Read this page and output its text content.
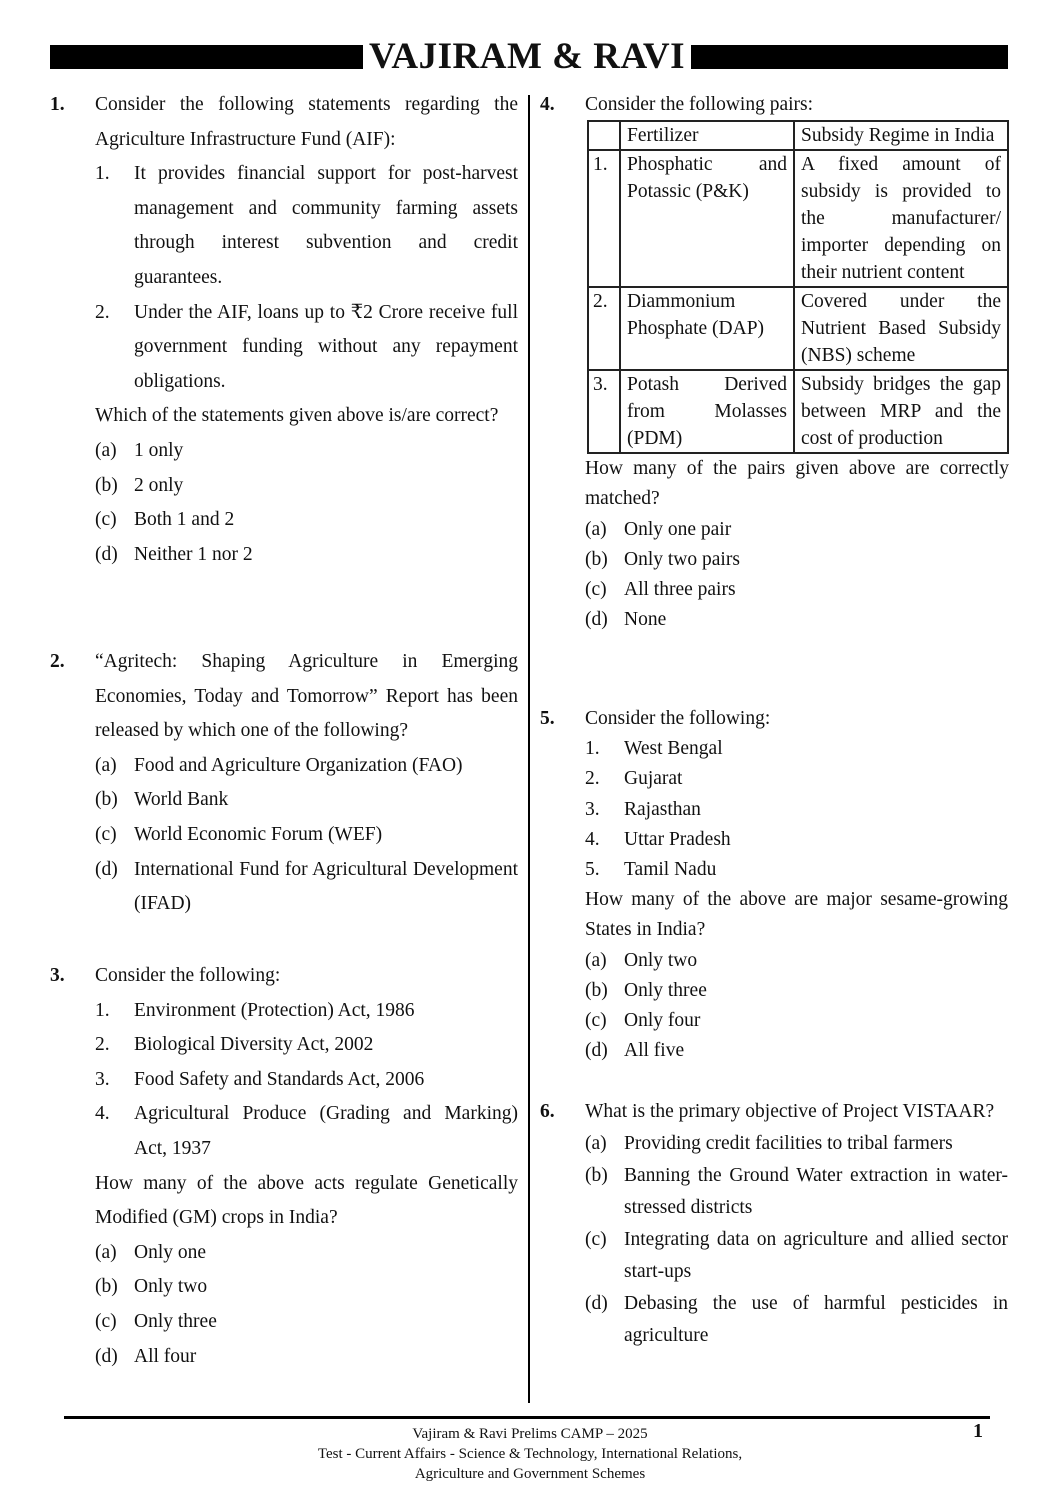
VAJIRAM & RAVI
1.	Consider the following statements regarding the Agriculture Infrastructure Fund (AIF):
1.	It provides financial support for post-harvest management and community farming assets through interest subvention and credit guarantees.
2.	Under the AIF, loans up to ₹2 Crore receive full government funding without any repayment obligations.
Which of the statements given above is/are correct?
(a) 1 only
(b) 2 only
(c) Both 1 and 2
(d) Neither 1 nor 2
2.	“Agritech: Shaping Agriculture in Emerging Economies, Today and Tomorrow” Report has been released by which one of the following?
(a) Food and Agriculture Organization (FAO)
(b) World Bank
(c) World Economic Forum (WEF)
(d) International Fund for Agricultural Development (IFAD)
3.	Consider the following:
1.	Environment (Protection) Act, 1986
2.	Biological Diversity Act, 2002
3.	Food Safety and Standards Act, 2006
4.	Agricultural Produce (Grading and Marking) Act, 1937
How many of the above acts regulate Genetically Modified (GM) crops in India?
(a) Only one
(b) Only two
(c) Only three
(d) All four
4.	Consider the following pairs:
	Fertilizer	Subsidy Regime in India
1.	Phosphatic and Potassic (P&K)	A fixed amount of subsidy is provided to the manufacturer/ importer depending on their nutrient content
2.	Diammonium Phosphate (DAP)	Covered under the Nutrient Based Subsidy (NBS) scheme
3.	Potash Derived from Molasses (PDM)	Subsidy bridges the gap between MRP and the cost of production
How many of the pairs given above are correctly matched?
(a) Only one pair
(b) Only two pairs
(c) All three pairs
(d) None
5.	Consider the following:
1.	West Bengal
2.	Gujarat
3.	Rajasthan
4.	Uttar Pradesh
5.	Tamil Nadu
How many of the above are major sesame-growing States in India?
(a) Only two
(b) Only three
(c) Only four
(d) All five
6.	What is the primary objective of Project VISTAAR?
(a) Providing credit facilities to tribal farmers
(b) Banning the Ground Water extraction in water-stressed districts
(c) Integrating data on agriculture and allied sector start-ups
(d) Debasing the use of harmful pesticides in agriculture
Vajiram & Ravi Prelims CAMP – 2025
Test - Current Affairs - Science & Technology, International Relations,
Agriculture and Government Schemes
1
